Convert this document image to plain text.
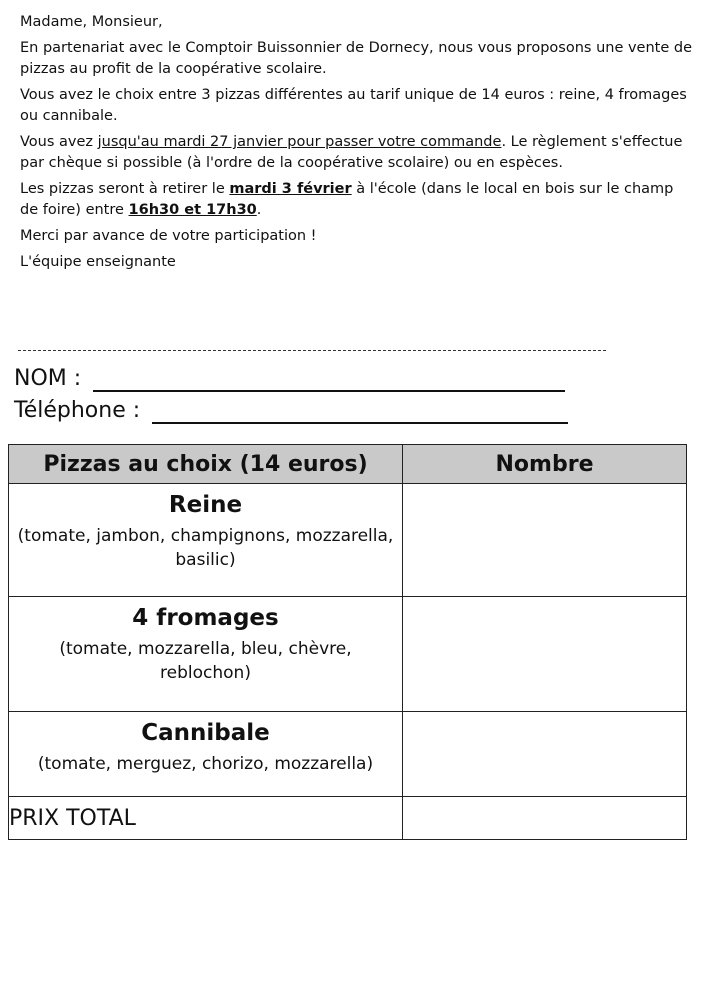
Madame, Monsieur,

En partenariat avec le Comptoir Buissonnier de Dornecy, nous vous proposons une vente de pizzas au profit de la coopérative scolaire.

Vous avez le choix entre 3 pizzas différentes au tarif unique de 14 euros : reine, 4 fromages ou cannibale.

Vous avez jusqu'au mardi 27 janvier pour passer votre commande. Le règlement s'effectue par chèque si possible (à l'ordre de la coopérative scolaire) ou en espèces.

Les pizzas seront à retirer le mardi 3 février à l'école (dans le local en bois sur le champ de foire) entre 16h30 et 17h30.

Merci par avance de votre participation !

L'équipe enseignante

NOM :
Téléphone :
Pizzas au choix (14 euros)	Nombre

Reine
(tomate, jambon, champignons, mozzarella, basilic)	

4 fromages
(tomate, mozzarella, bleu, chèvre, reblochon)	

Cannibale
(tomate, merguez, chorizo, mozzarella)	

PRIX TOTAL	
